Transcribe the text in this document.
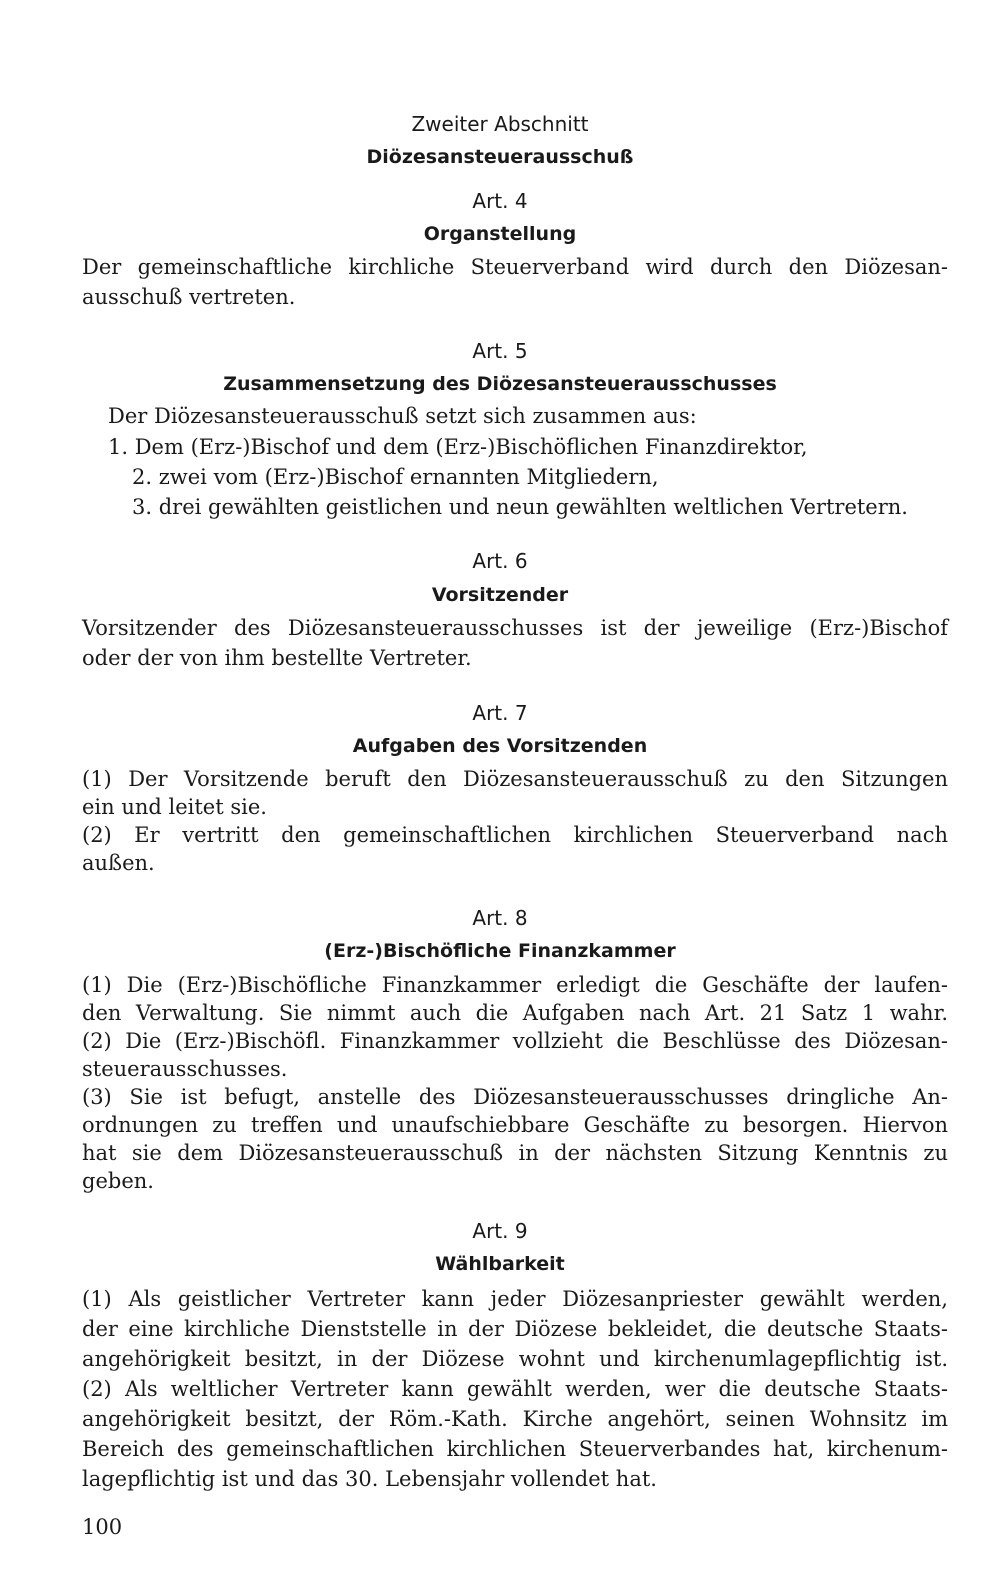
Zweiter Abschnitt
Diözesansteuerausschuß
Art. 4
Organstellung
Der gemeinschaftliche kirchliche Steuerverband wird durch den Diözesan-
ausschuß vertreten.
Art. 5
Zusammensetzung des Diözesansteuerausschusses
Der Diözesansteuerausschuß setzt sich zusammen aus:
1. Dem (Erz-)Bischof und dem (Erz-)Bischöflichen Finanzdirektor,
2. zwei vom (Erz-)Bischof ernannten Mitgliedern,
3. drei gewählten geistlichen und neun gewählten weltlichen Vertretern.
Art. 6
Vorsitzender
Vorsitzender des Diözesansteuerausschusses ist der jeweilige (Erz-)Bischof
oder der von ihm bestellte Vertreter.
Art. 7
Aufgaben des Vorsitzenden
(1) Der Vorsitzende beruft den Diözesansteuerausschuß zu den Sitzungen
ein und leitet sie.
(2) Er vertritt den gemeinschaftlichen kirchlichen Steuerverband nach
außen.
Art. 8
(Erz-)Bischöfliche Finanzkammer
(1) Die (Erz-)Bischöfliche Finanzkammer erledigt die Geschäfte der laufen-
den Verwaltung. Sie nimmt auch die Aufgaben nach Art. 21 Satz 1 wahr.
(2) Die (Erz-)Bischöfl. Finanzkammer vollzieht die Beschlüsse des Diözesan-
steuerausschusses.
(3) Sie ist befugt, anstelle des Diözesansteuerausschusses dringliche An-
ordnungen zu treffen und unaufschiebbare Geschäfte zu besorgen. Hiervon
hat sie dem Diözesansteuerausschuß in der nächsten Sitzung Kenntnis zu
geben.
Art. 9
Wählbarkeit
(1) Als geistlicher Vertreter kann jeder Diözesanpriester gewählt werden,
der eine kirchliche Dienststelle in der Diözese bekleidet, die deutsche Staats-
angehörigkeit besitzt, in der Diözese wohnt und kirchenumlagepflichtig ist.
(2) Als weltlicher Vertreter kann gewählt werden, wer die deutsche Staats-
angehörigkeit besitzt, der Röm.-Kath. Kirche angehört, seinen Wohnsitz im
Bereich des gemeinschaftlichen kirchlichen Steuerverbandes hat, kirchenum-
lagepflichtig ist und das 30. Lebensjahr vollendet hat.
100
